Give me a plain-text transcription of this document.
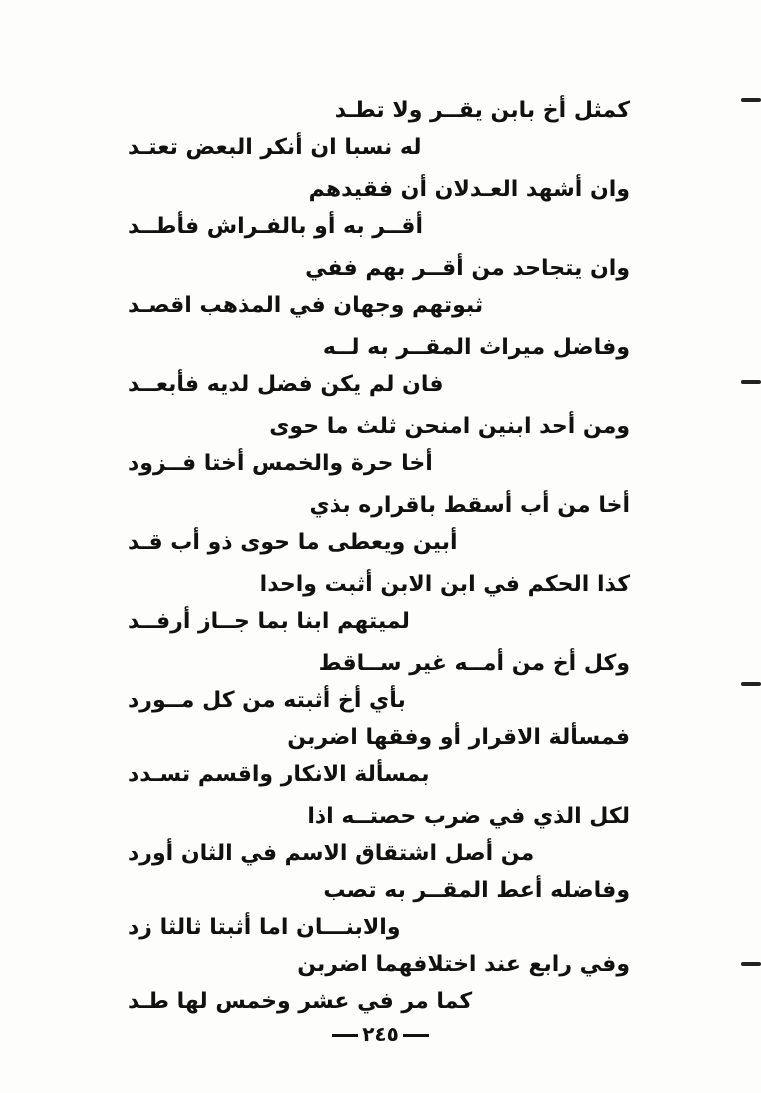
كمثل أخ بابن يقــر ولا تطـد
له نسبا ان أنكر البعض تعتـد
وان أشهد العـدلان أن فقيدهم
أقــر به أو بالفـراش فأطــد
وان يتجاحد من أقــر بهم ففي
ثبوتهم وجهان في المذهب اقصـد
وفاضل ميراث المقــر به لــه
فان لم يكن فضل لديه فأبعــد
ومن أحد ابنين امنحن ثلث ما حوى
أخا حرة والخمس أختا فــزود
أخا من أب أسقط باقراره بذي
أبين ويعطى ما حوى ذو أب قـد
كذا الحكم في ابن الابن أثبت واحدا
لميتهم ابنا بما جــاز أرفــد
وكل أخ من أمــه غير ســاقط
بأي أخ أثبته من كل مــورد
فمسألة الاقرار أو وفقها اضربن
بمسألة الانكار واقسم تسـدد
لكل الذي في ضرب حصتــه اذا
من أصل اشتقاق الاسم في الثان أورد
وفاضله أعط المقــر به تصب
والابنـــان اما أثبتا ثالثا زد
وفي رابع عند اختلافهما اضربن
كما مر في عشر وخمس لها طـد
٢٤٥
